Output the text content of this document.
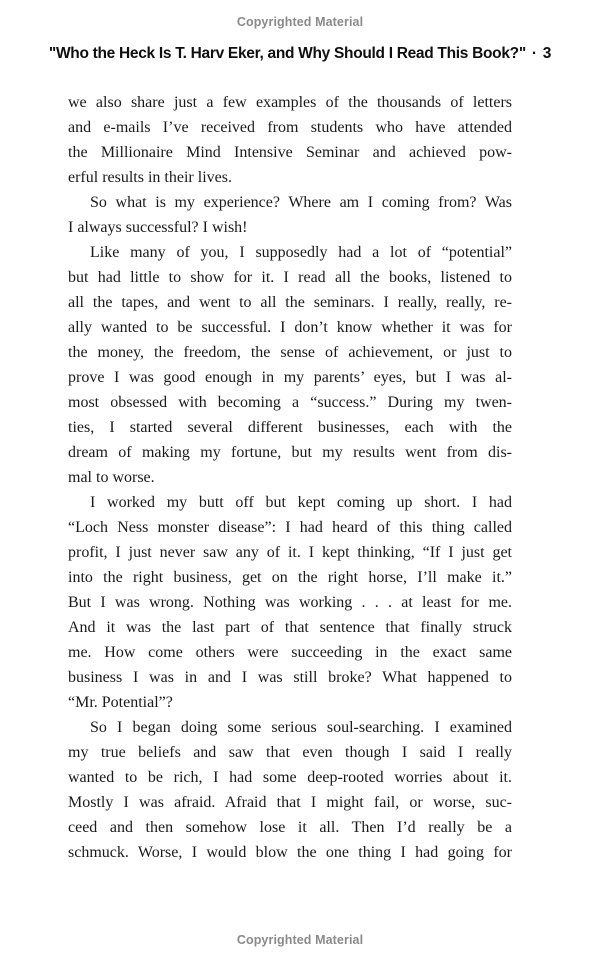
Copyrighted Material
"Who the Heck Is T. Harv Eker, and Why Should I Read This Book?" · 3
we also share just a few examples of the thousands of letters
and e-mails I’ve received from students who have attended
the Millionaire Mind Intensive Seminar and achieved pow-
erful results in their lives.
So what is my experience? Where am I coming from? Was
I always successful? I wish!
Like many of you, I supposedly had a lot of “potential”
but had little to show for it. I read all the books, listened to
all the tapes, and went to all the seminars. I really, really, re-
ally wanted to be successful. I don’t know whether it was for
the money, the freedom, the sense of achievement, or just to
prove I was good enough in my parents’ eyes, but I was al-
most obsessed with becoming a “success.” During my twen-
ties, I started several different businesses, each with the
dream of making my fortune, but my results went from dis-
mal to worse.
I worked my butt off but kept coming up short. I had
“Loch Ness monster disease”: I had heard of this thing called
profit, I just never saw any of it. I kept thinking, “If I just get
into the right business, get on the right horse, I’ll make it.”
But I was wrong. Nothing was working . . . at least for me.
And it was the last part of that sentence that finally struck
me. How come others were succeeding in the exact same
business I was in and I was still broke? What happened to
“Mr. Potential”?
So I began doing some serious soul-searching. I examined
my true beliefs and saw that even though I said I really
wanted to be rich, I had some deep-rooted worries about it.
Mostly I was afraid. Afraid that I might fail, or worse, suc-
ceed and then somehow lose it all. Then I’d really be a
schmuck. Worse, I would blow the one thing I had going for
Copyrighted Material
